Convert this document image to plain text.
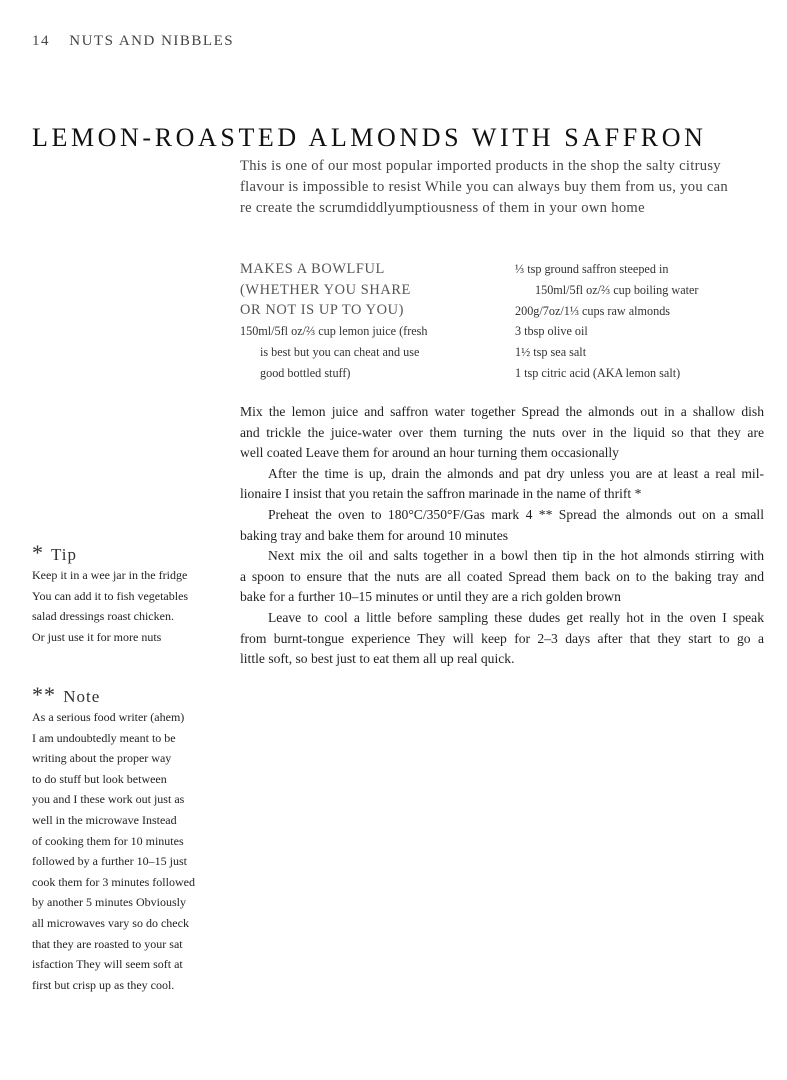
14 NUTS AND NIBBLES
LEMON-ROASTED ALMONDS WITH SAFFRON
This is one of our most popular imported products in the shop the salty citrusy
flavour is impossible to resist While you can always buy them from us, you can
re create the scrumdiddlyumptiousness of them in your own home
MAKES A BOWLFUL
(WHETHER YOU SHARE
OR NOT IS UP TO YOU)
150ml/5fl oz/⅔ cup lemon juice (fresh
is best but you can cheat and use
good bottled stuff)
⅓ tsp ground saffron steeped in
150ml/5fl oz/⅔ cup boiling water
200g/7oz/1⅓ cups raw almonds
3 tbsp olive oil
1½ tsp sea salt
1 tsp citric acid (AKA lemon salt)
Mix the lemon juice and saffron water together Spread the almonds out in a shallow dish
and trickle the juice-water over them turning the nuts over in the liquid so that they are
well coated Leave them for around an hour turning them occasionally
After the time is up, drain the almonds and pat dry unless you are at least a real mil-
lionaire I insist that you retain the saffron marinade in the name of thrift *
Preheat the oven to 180°C/350°F/Gas mark 4 ** Spread the almonds out on a small
baking tray and bake them for around 10 minutes
Next mix the oil and salts together in a bowl then tip in the hot almonds stirring with
a spoon to ensure that the nuts are all coated Spread them back on to the baking tray and
bake for a further 10–15 minutes or until they are a rich golden brown
Leave to cool a little before sampling these dudes get really hot in the oven I speak
from burnt-tongue experience They will keep for 2–3 days after that they start to go a
little soft, so best just to eat them all up real quick.
* Tip
Keep it in a wee jar in the fridge
You can add it to fish vegetables
salad dressings roast chicken.
Or just use it for more nuts
** Note
As a serious food writer (ahem)
I am undoubtedly meant to be
writing about the proper way
to do stuff but look between
you and I these work out just as
well in the microwave Instead
of cooking them for 10 minutes
followed by a further 10–15 just
cook them for 3 minutes followed
by another 5 minutes Obviously
all microwaves vary so do check
that they are roasted to your sat
isfaction They will seem soft at
first but crisp up as they cool.
